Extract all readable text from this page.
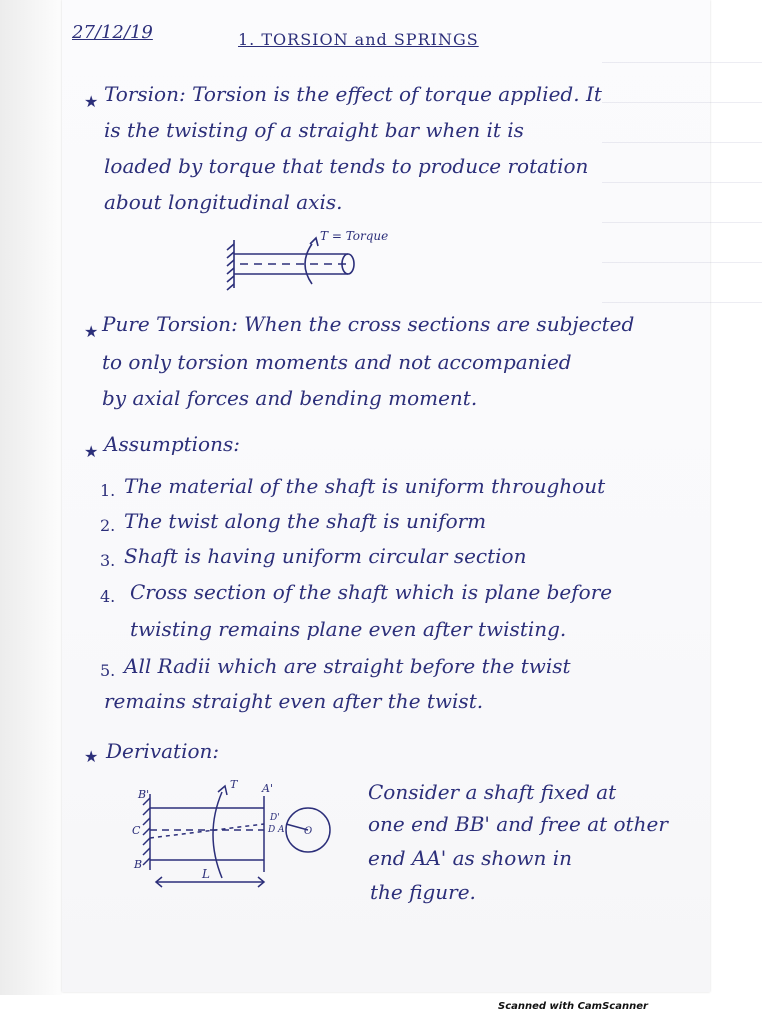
27/12/19	1. TORSION and SPRINGS
★ Torsion: Torsion is the effect of torque applied. It
is the twisting of a straight bar when it is
loaded by torque that tends to produce rotation
about longitudinal axis.
T = Torque
★ Pure Torsion: When the cross sections are subjected
to only torsion moments and not accompanied
by axial forces and bending moment.
★ Assumptions:
1. The material of the shaft is uniform throughout
2. The twist along the shaft is uniform
3. Shaft is having uniform circular section
4. Cross section of the shaft which is plane before
twisting remains plane even after twisting.
5. All Radii which are straight before the twist
remains straight even after the twist.
★ Derivation:
B'
B
C
T A'
D'
D A O
L
Consider a shaft fixed at
one end BB' and free at other
end AA' as shown in
the figure.
Scanned with CamScanner
